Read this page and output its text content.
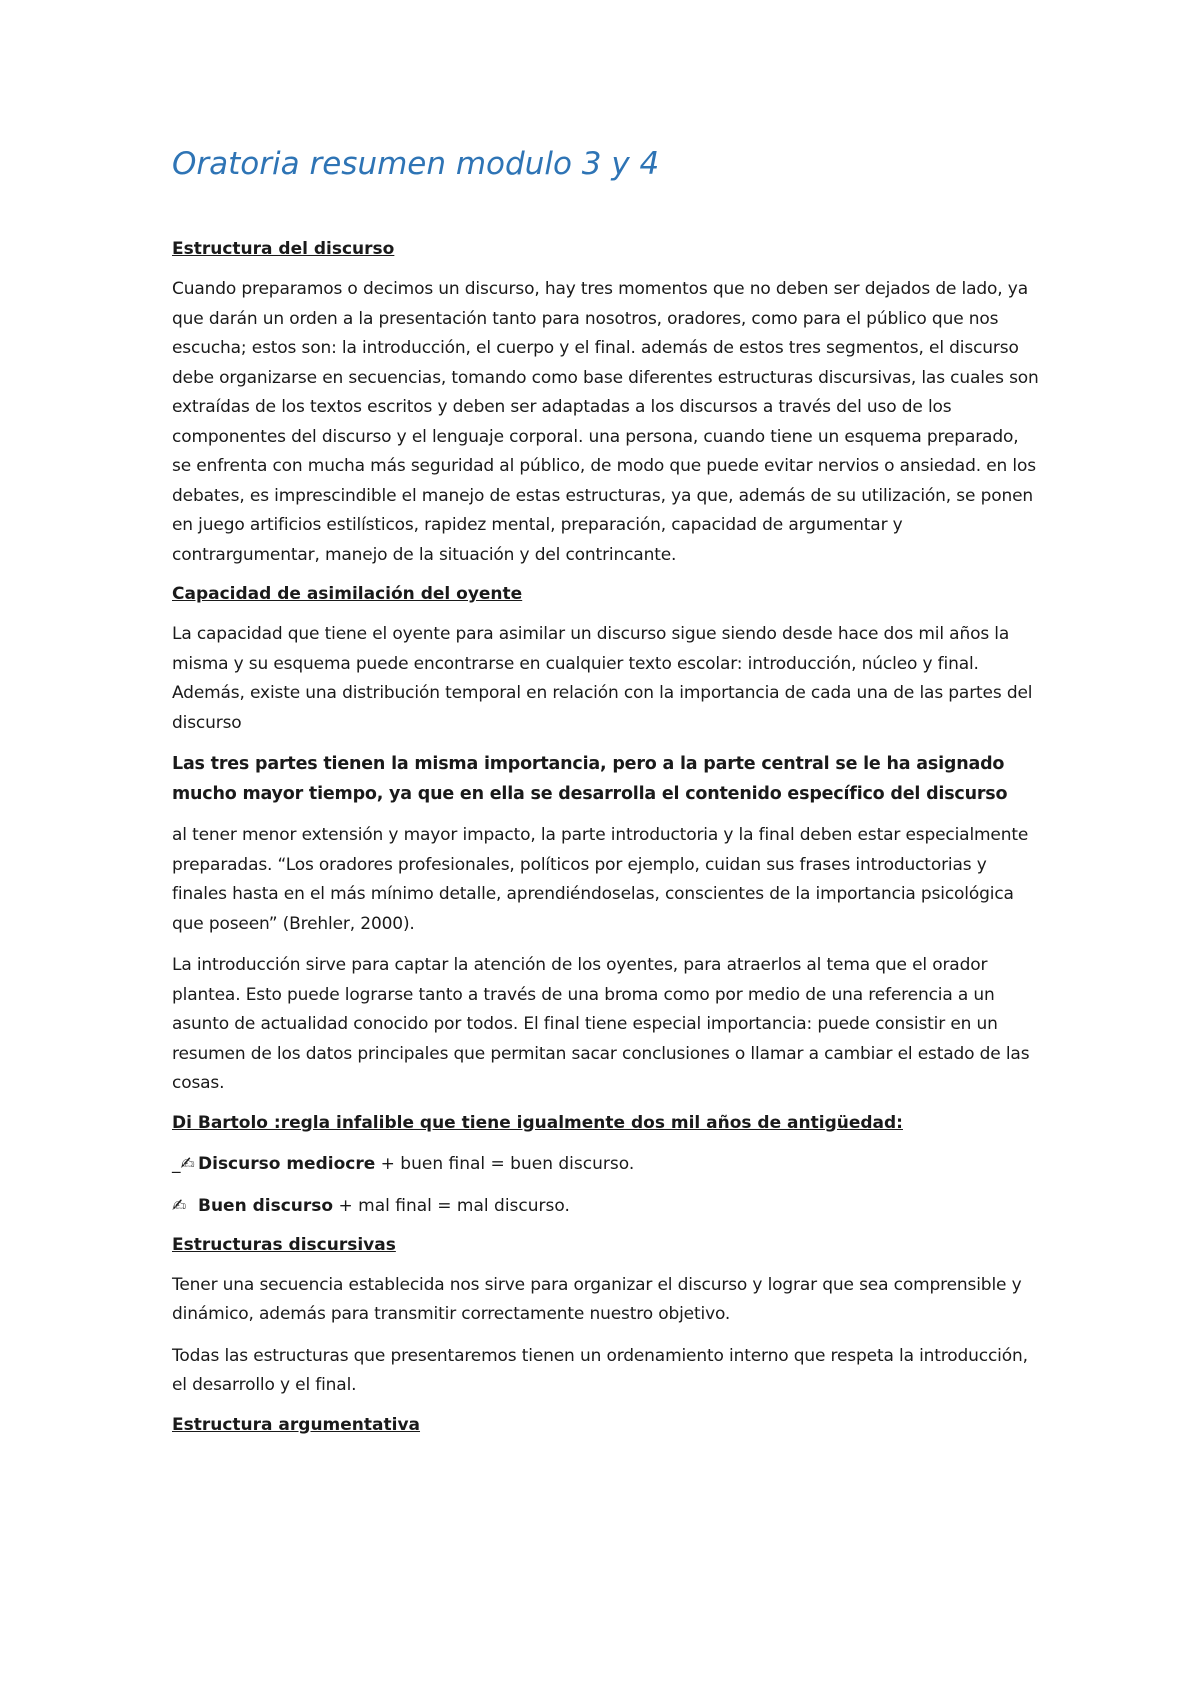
Oratoria resumen modulo 3 y 4
Estructura del discurso
Cuando preparamos o decimos un discurso, hay tres momentos que no deben ser dejados de lado, ya que darán un orden a la presentación tanto para nosotros, oradores, como para el público que nos escucha; estos son: la introducción, el cuerpo y el final. además de estos tres segmentos, el discurso debe organizarse en secuencias, tomando como base diferentes estructuras discursivas, las cuales son extraídas de los textos escritos y deben ser adaptadas a los discursos a través del uso de los componentes del discurso y el lenguaje corporal. una persona, cuando tiene un esquema preparado, se enfrenta con mucha más seguridad al público, de modo que puede evitar nervios o ansiedad. en los debates, es imprescindible el manejo de estas estructuras, ya que, además de su utilización, se ponen en juego artificios estilísticos, rapidez mental, preparación, capacidad de argumentar y contrargumentar, manejo de la situación y del contrincante.
Capacidad de asimilación del oyente
La capacidad que tiene el oyente para asimilar un discurso sigue siendo desde hace dos mil años la misma y su esquema puede encontrarse en cualquier texto escolar: introducción, núcleo y final. Además, existe una distribución temporal en relación con la importancia de cada una de las partes del discurso
Las tres partes tienen la misma importancia, pero a la parte central se le ha asignado mucho mayor tiempo, ya que en ella se desarrolla el contenido específico del discurso
al tener menor extensión y mayor impacto, la parte introductoria y la final deben estar especialmente preparadas. “Los oradores profesionales, políticos por ejemplo, cuidan sus frases introductorias y finales hasta en el más mínimo detalle, aprendiéndoselas, conscientes de la importancia psicológica que poseen” (Brehler, 2000).
La introducción sirve para captar la atención de los oyentes, para atraerlos al tema que el orador plantea. Esto puede lograrse tanto a través de una broma como por medio de una referencia a un asunto de actualidad conocido por todos. El final tiene especial importancia: puede consistir en un resumen de los datos principales que permitan sacar conclusiones o llamar a cambiar el estado de las cosas.
Di Bartolo :regla infalible que tiene igualmente dos mil años de antigüedad:
_✍ Discurso mediocre + buen final = buen discurso.
✍ Buen discurso + mal final = mal discurso.
Estructuras discursivas
Tener una secuencia establecida nos sirve para organizar el discurso y lograr que sea comprensible y dinámico, además para transmitir correctamente nuestro objetivo.
Todas las estructuras que presentaremos tienen un ordenamiento interno que respeta la introducción, el desarrollo y el final.
Estructura argumentativa
